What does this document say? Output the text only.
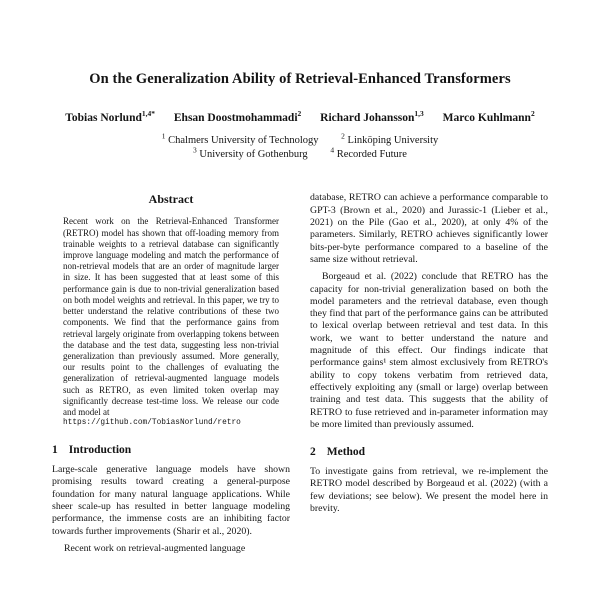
On the Generalization Ability of Retrieval-Enhanced Transformers
Tobias Norlund$^{1,4*}$ Ehsan Doostmohammadi$^2$ Richard Johansson$^{1,3}$ Marco Kuhlmann$^2$
$^1$ Chalmers University of Technology	$^2$ Linköping University
$^3$ University of Gothenburg	$^4$ Recorded Future
Abstract

Recent work on the Retrieval-Enhanced Transformer (RETRO) model has shown that off-loading memory from trainable weights to a retrieval database can significantly improve language modeling and match the performance of non-retrieval models that are an order of magnitude larger in size. It has been suggested that at least some of this performance gain is due to non-trivial generalization based on both model weights and retrieval. In this paper, we try to better understand the relative contributions of these two components. We find that the performance gains from retrieval largely originate from overlapping tokens between the database and the test data, suggesting less non-trivial generalization than previously assumed. More generally, our results point to the challenges of evaluating the generalization of retrieval-augmented language models such as RETRO, as even limited token overlap may significantly decrease test-time loss. We release our code and model at

https://github.com/TobiasNorlund/retro
1 Introduction

Large-scale generative language models have shown promising results toward creating a general-purpose foundation for many natural language applications. While sheer scale-up has resulted in better language modeling performance, the immense costs are an inhibiting factor towards further improvements (Sharir et al., 2020).

Recent work on retrieval-augmented language

database, RETRO can achieve a performance comparable to GPT-3 (Brown et al., 2020) and Jurassic-1 (Lieber et al., 2021) on the Pile (Gao et al., 2020), at only 4% of the parameters. Similarly, RETRO achieves significantly lower bits-per-byte performance compared to a baseline of the same size without retrieval.

Borgeaud et al. (2022) conclude that RETRO has the capacity for non-trivial generalization based on both the model parameters and the retrieval database, even though they find that part of the performance gains can be attributed to lexical overlap between retrieval and test data. In this work, we want to better understand the nature and magnitude of this effect. Our findings indicate that performance gains¹ stem almost exclusively from RETRO's ability to copy tokens verbatim from retrieved data, effectively exploiting any (small or large) overlap between training and test data. This suggests that the ability of RETRO to fuse retrieved and in-parameter information may be more limited than previously assumed.

2 Method

To investigate gains from retrieval, we re-implement the RETRO model described by Borgeaud et al. (2022) (with a few deviations; see below). We present the model here in brevity.
